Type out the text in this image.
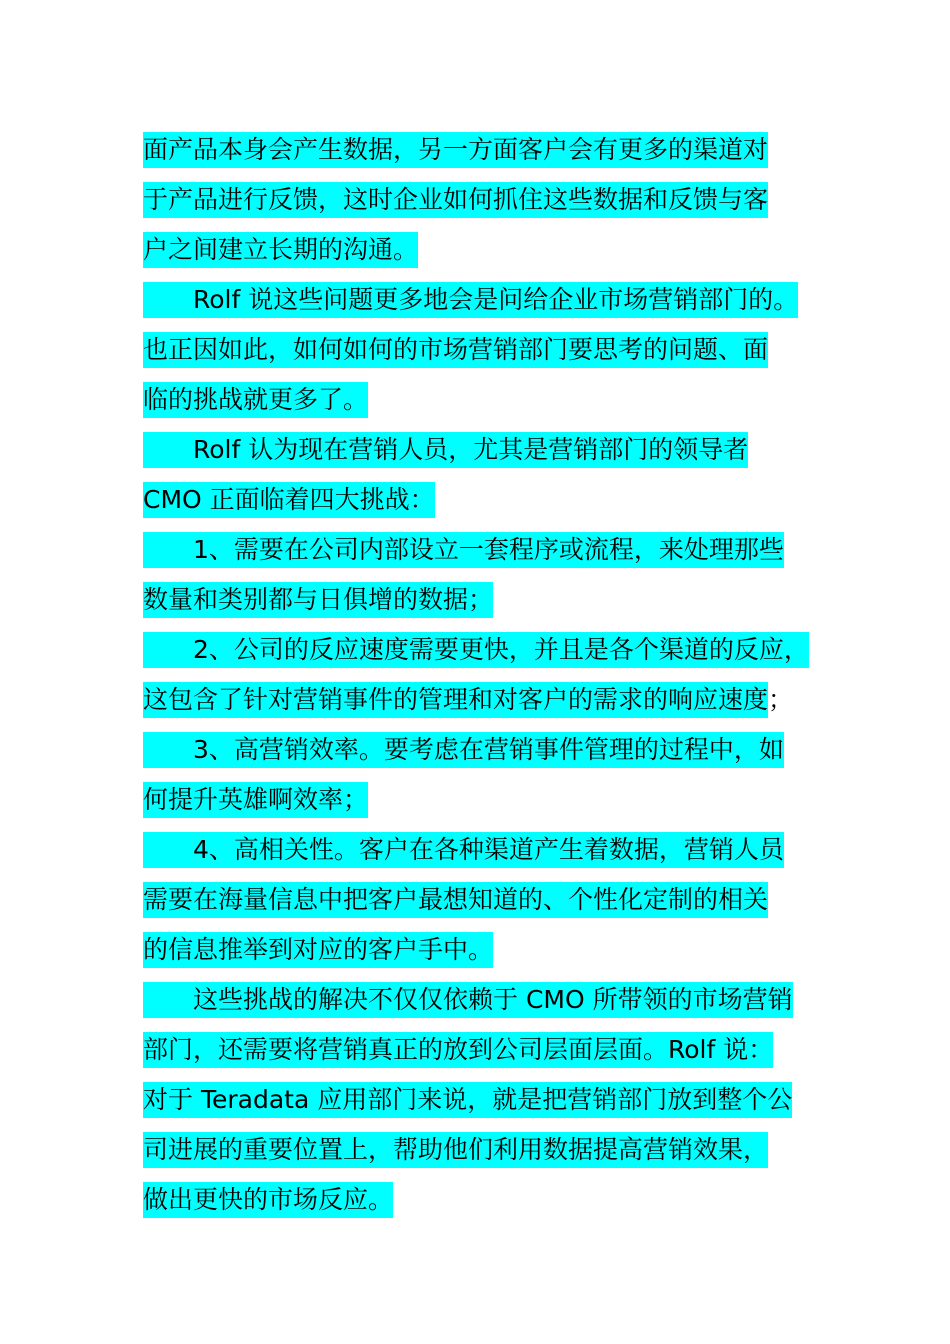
面产品本身会产生数据，另一方面客户会有更多的渠道对
于产品进行反馈，这时企业如何抓住这些数据和反馈与客
户之间建立长期的沟通。
Rolf 说这些问题更多地会是问给企业市场营销部门的。
也正因如此，如何如何的市场营销部门要思考的问题、面
临的挑战就更多了。
Rolf 认为现在营销人员，尤其是营销部门的领导者
CMO 正面临着四大挑战：
1、需要在公司内部设立一套程序或流程，来处理那些
数量和类别都与日俱增的数据；
2、公司的反应速度需要更快，并且是各个渠道的反应，
这包含了针对营销事件的管理和对客户的需求的响应速度；
3、高营销效率。要考虑在营销事件管理的过程中，如
何提升英雄啊效率；
4、高相关性。客户在各种渠道产生着数据，营销人员
需要在海量信息中把客户最想知道的、个性化定制的相关
的信息推举到对应的客户手中。
这些挑战的解决不仅仅依赖于 CMO 所带领的市场营销
部门，还需要将营销真正的放到公司层面层面。Rolf 说：
对于 Teradata 应用部门来说，就是把营销部门放到整个公
司进展的重要位置上，帮助他们利用数据提高营销效果，
做出更快的市场反应。
